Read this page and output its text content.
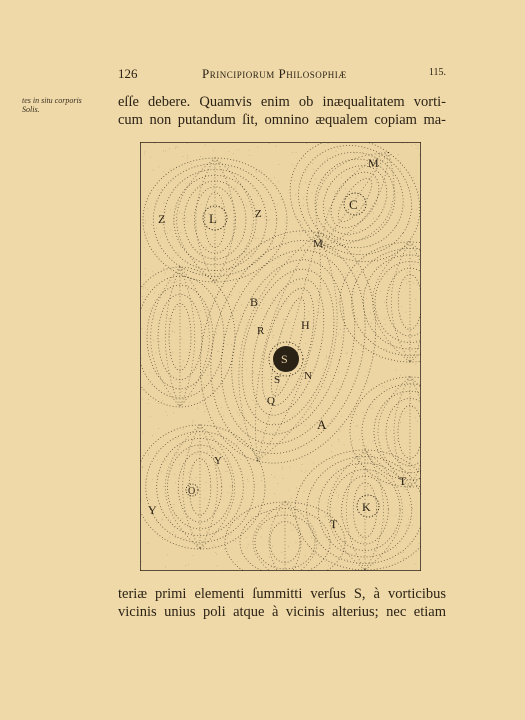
126	Principiorum Philosophiæ	115.
tes in situ corporis
Solis.	eſſe debere. Quamvis enim ob inæqualitatem vorti-
cum non putandum ſit, omnino æqualem copiam ma-
M
C
Z	L	Z
M
B
R	H
S
S N
Q
A
Y
O
Y	K
T
T
teriæ primi elementi ſummitti verſus S, à vorticibus
vicinis unius poli atque à vicinis alterius; nec etiam
